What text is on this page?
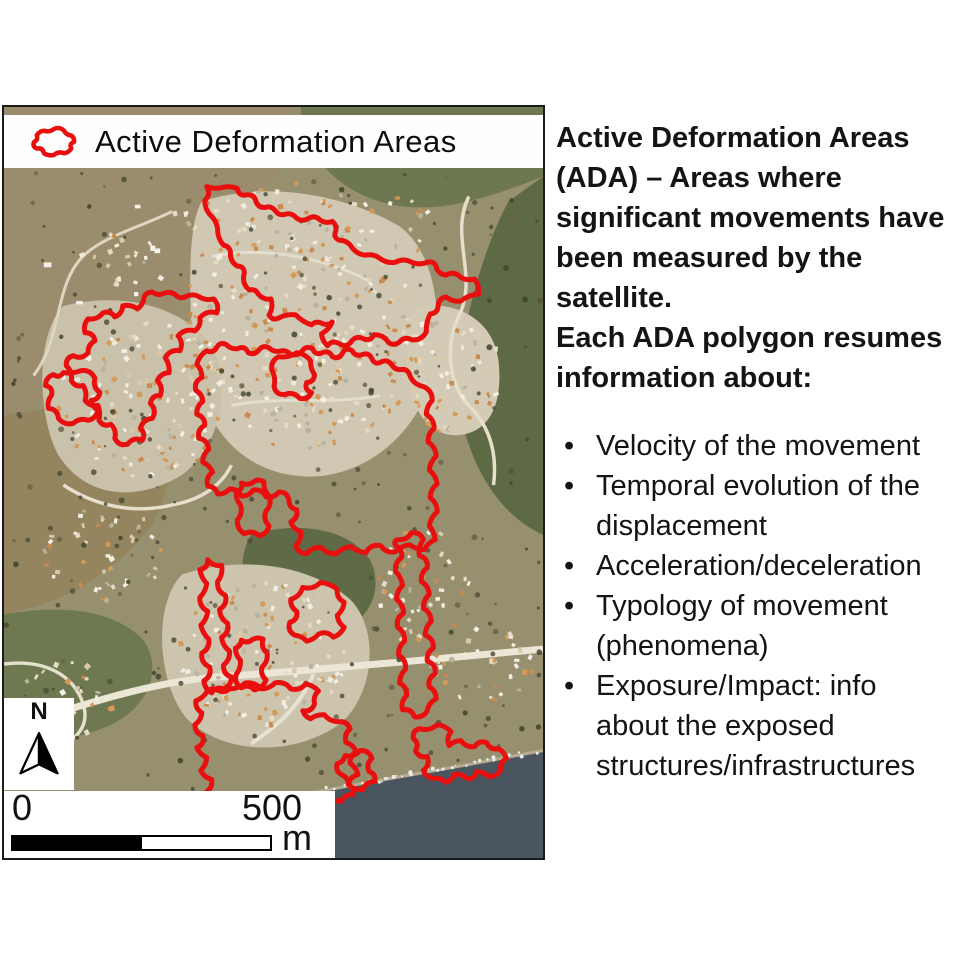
Active Deformation Areas
N
0	500
m
Active Deformation Areas
(ADA) – Areas where
significant movements have
been measured by the
satellite.
Each ADA polygon resumes
information about:
• Velocity of the movement
• Temporal evolution of the
displacement
• Acceleration/deceleration
• Typology of movement
(phenomena)
• Exposure/Impact: info
about the exposed
structures/infrastructures
